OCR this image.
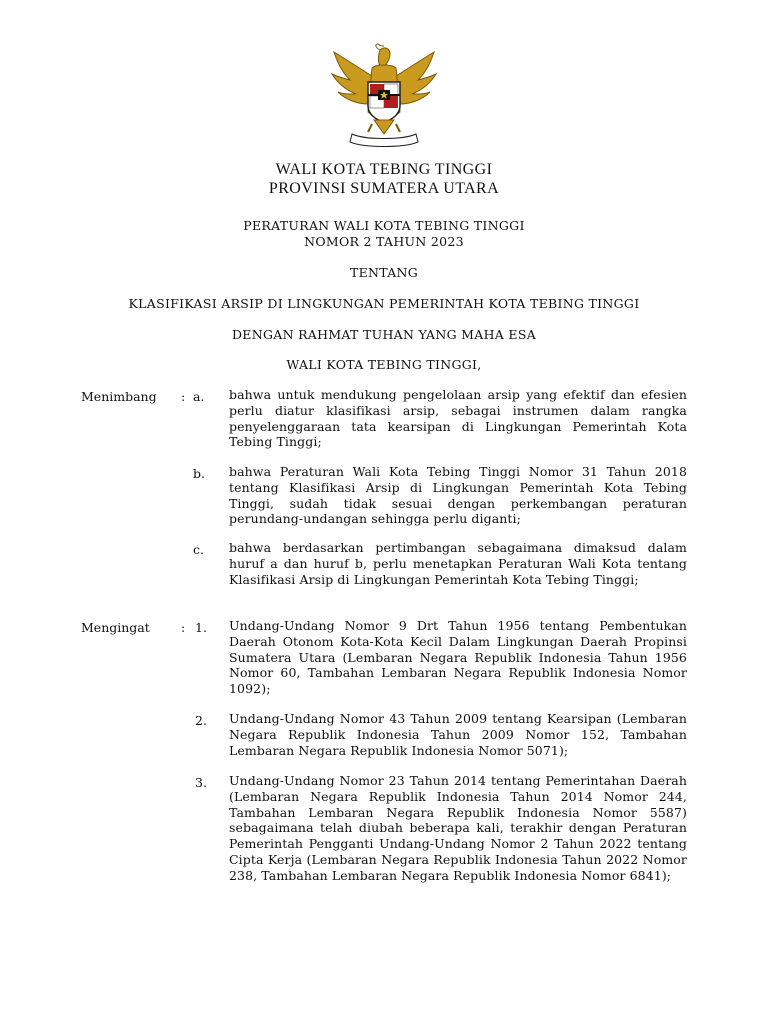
WALI KOTA TEBING TINGGI
PROVINSI SUMATERA UTARA
PERATURAN WALI KOTA TEBING TINGGI
NOMOR 2 TAHUN 2023
TENTANG
KLASIFIKASI ARSIP DI LINGKUNGAN PEMERINTAH KOTA TEBING TINGGI
DENGAN RAHMAT TUHAN YANG MAHA ESA
WALI KOTA TEBING TINGGI,
Menimbang : a. bahwa untuk mendukung pengelolaan arsip yang efektif dan efesien perlu diatur klasifikasi arsip, sebagai instrumen dalam rangka penyelenggaraan tata kearsipan di Lingkungan Pemerintah Kota Tebing Tinggi;
b. bahwa Peraturan Wali Kota Tebing Tinggi Nomor 31 Tahun 2018 tentang Klasifikasi Arsip di Lingkungan Pemerintah Kota Tebing Tinggi, sudah tidak sesuai dengan perkembangan peraturan perundang-undangan sehingga perlu diganti;
c. bahwa berdasarkan pertimbangan sebagaimana dimaksud dalam huruf a dan huruf b, perlu menetapkan Peraturan Wali Kota tentang Klasifikasi Arsip di Lingkungan Pemerintah Kota Tebing Tinggi;
Mengingat : 1. Undang-Undang Nomor 9 Drt Tahun 1956 tentang Pembentukan Daerah Otonom Kota-Kota Kecil Dalam Lingkungan Daerah Propinsi Sumatera Utara (Lembaran Negara Republik Indonesia Tahun 1956 Nomor 60, Tambahan Lembaran Negara Republik Indonesia Nomor 1092);
2. Undang-Undang Nomor 43 Tahun 2009 tentang Kearsipan (Lembaran Negara Republik Indonesia Tahun 2009 Nomor 152, Tambahan Lembaran Negara Republik Indonesia Nomor 5071);
3. Undang-Undang Nomor 23 Tahun 2014 tentang Pemerintahan Daerah (Lembaran Negara Republik Indonesia Tahun 2014 Nomor 244, Tambahan Lembaran Negara Republik Indonesia Nomor 5587) sebagaimana telah diubah beberapa kali, terakhir dengan Peraturan Pemerintah Pengganti Undang-Undang Nomor 2 Tahun 2022 tentang Cipta Kerja (Lembaran Negara Republik Indonesia Tahun 2022 Nomor 238, Tambahan Lembaran Negara Republik Indonesia Nomor 6841);
